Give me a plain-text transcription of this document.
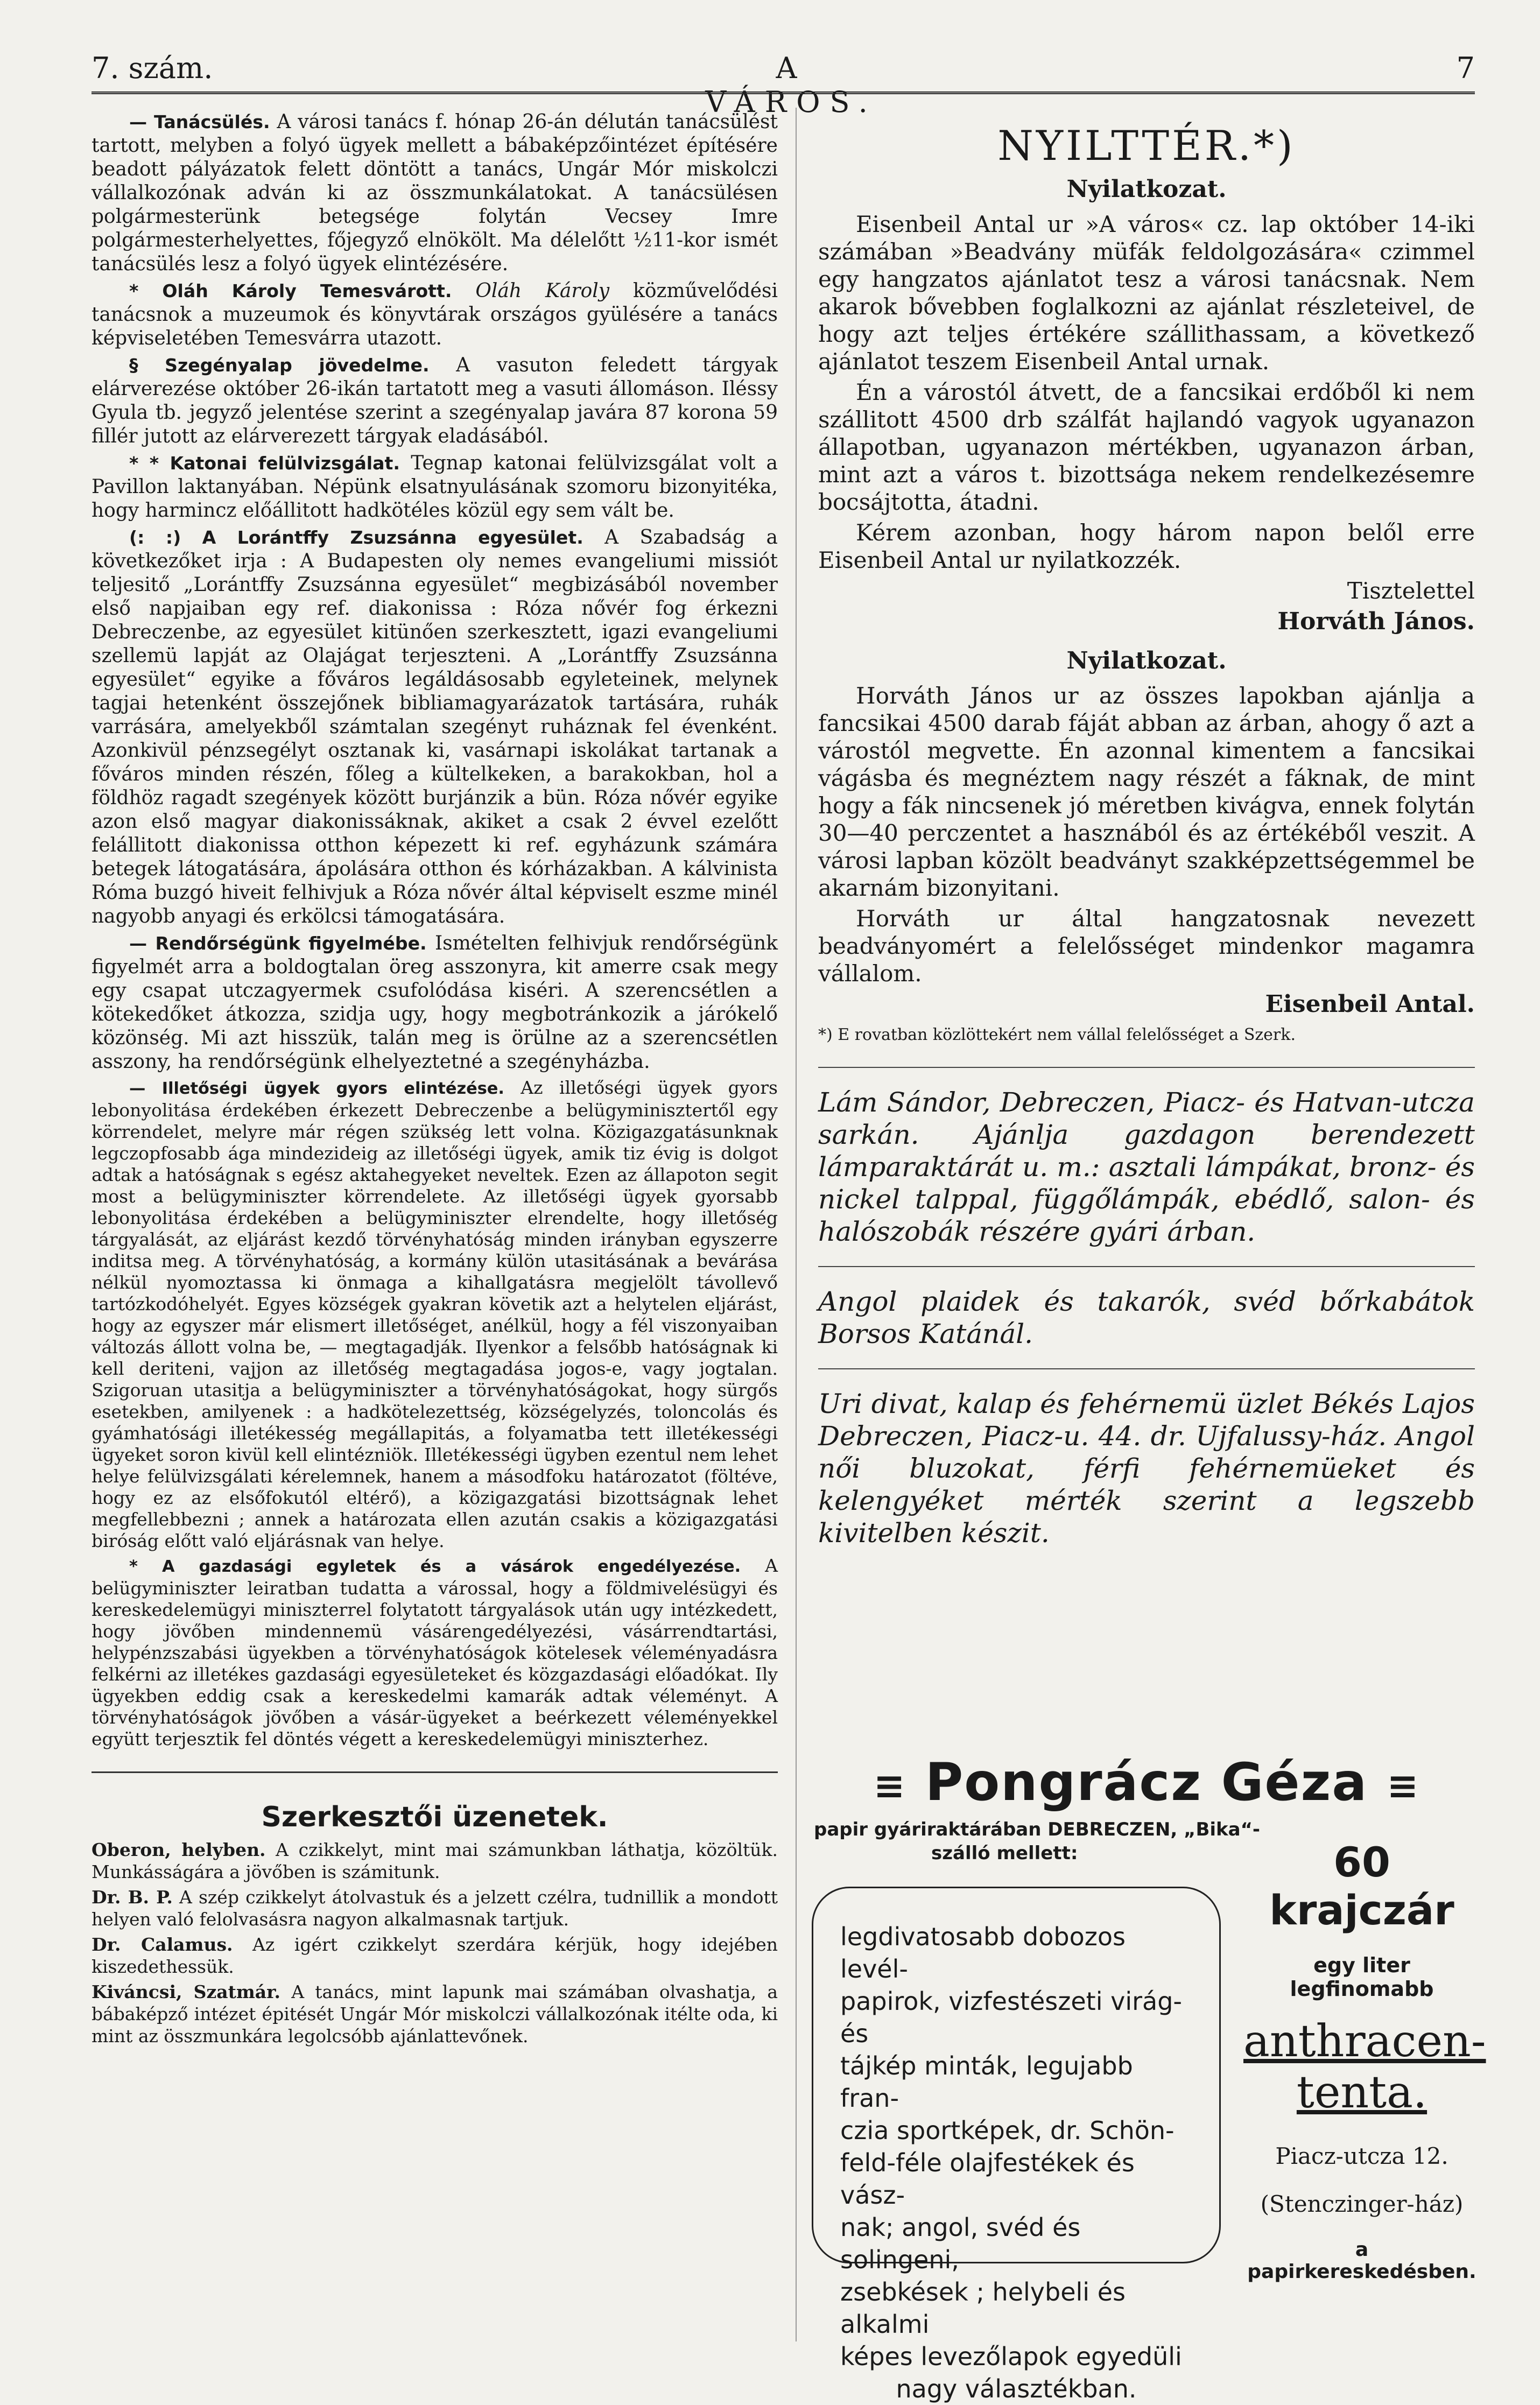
7. szám.	A VÁROS.
7

— Tanácsülés. A városi tanács f. hónap 26-án délután tanácsülést tartott, melyben a folyó ügyek mellett a bábaképzőintézet építésére beadott pályázatok felett döntött a tanács, Ungár Mór miskolczi vállalkozónak adván ki az összmunkálatokat. A tanácsülésen polgármesterünk betegsége folytán Vecsey Imre polgármesterhelyettes, főjegyző elnökölt. Ma délelőtt ½11-kor ismét tanácsülés lesz a folyó ügyek elintézésére.

* Oláh Károly Temesvárott. Oláh Károly közművelődési tanácsnok a muzeumok és könyvtárak országos gyülésére a tanács képviseletében Temesvárra utazott.

§ Szegényalap jövedelme. A vasuton feledett tárgyak elárverezése október 26-ikán tartatott meg a vasuti állomáson. Iléssy Gyula tb. jegyző jelentése szerint a szegényalap javára 87 korona 59 fillér jutott az elárverezett tárgyak eladásából.

* * Katonai felülvizsgálat. Tegnap katonai felülvizsgálat volt a Pavillon laktanyában. Népünk elsatnyulásának szomoru bizonyitéka, hogy harmincz előállitott hadkötéles közül egy sem vált be.

(: :) A Lorántffy Zsuzsánna egyesület. A Szabadság a következőket irja : A Budapesten oly nemes evangeliumi missiót teljesitő „Lorántffy Zsuzsánna egyesület“ megbizásából november első napjaiban egy ref. diakonissa : Róza nővér fog érkezni Debreczenbe, az egyesület kitünően szerkesztett, igazi evangeliumi szellemü lapját az Olajágat terjeszteni. A „Lorántffy Zsuzsánna egyesület“ egyike a főváros legáldásosabb egyleteinek, melynek tagjai hetenként összejőnek bibliamagyarázatok tartására, ruhák varrására, amelyekből számtalan szegényt ruháznak fel évenként. Azonkivül pénzsegélyt osztanak ki, vasárnapi iskolákat tartanak a főváros minden részén, főleg a kültelkeken, a barakokban, hol a földhöz ragadt szegények között burjánzik a bün. Róza nővér egyike azon első magyar diakonissáknak, akiket a csak 2 évvel ezelőtt felállitott diakonissa otthon képezett ki ref. egyházunk számára betegek látogatására, ápolására otthon és kórházakban. A kálvinista Róma buzgó hiveit felhivjuk a Róza nővér által képviselt eszme minél nagyobb anyagi és erkölcsi támogatására.

— Rendőrségünk figyelmébe. Ismételten felhivjuk rendőrségünk figyelmét arra a boldogtalan öreg asszonyra, kit amerre csak megy egy csapat utczagyermek csufolódása kiséri. A szerencsétlen a kötekedőket átkozza, szidja ugy, hogy megbotránkozik a járókelő közönség. Mi azt hisszük, talán meg is örülne az a szerencsétlen asszony, ha rendőrségünk elhelyeztetné a szegényházba.

— Illetőségi ügyek gyors elintézése. Az illetőségi ügyek gyors lebonyolitása érdekében érkezett Debreczenbe a belügyminisztertől egy körrendelet, melyre már régen szükség lett volna. Közigazgatásunknak legczopfosabb ága mindezideig az illetőségi ügyek, amik tiz évig is dolgot adtak a hatóságnak s egész aktahegyeket neveltek. Ezen az állapoton segit most a belügyminiszter körrendelete. Az illetőségi ügyek gyorsabb lebonyolitása érdekében a belügyminiszter elrendelte, hogy illetőség tárgyalását, az eljárást kezdő törvényhatóság minden irányban egyszerre inditsa meg. A törvényhatóság, a kormány külön utasitásának a bevárása nélkül nyomoztassa ki önmaga a kihallgatásra megjelölt távollevő tartózkodóhelyét. Egyes községek gyakran követik azt a helytelen eljárást, hogy az egyszer már elismert illetőséget, anélkül, hogy a fél viszonyaiban változás állott volna be, — megtagadják. Ilyenkor a felsőbb hatóságnak ki kell deriteni, vajjon az illetőség megtagadása jogos-e, vagy jogtalan. Szigoruan utasitja a belügyminiszter a törvényhatóságokat, hogy sürgős esetekben, amilyenek : a hadkötelezettség, községelyzés, toloncolás és gyámhatósági illetékesség megállapitás, a folyamatba tett illetékességi ügyeket soron kivül kell elintézniök. Illetékességi ügyben ezentul nem lehet helye felülvizsgálati kérelemnek, hanem a másodfoku határozatot (föltéve, hogy ez az elsőfokutól eltérő), a közigazgatási bizottságnak lehet megfellebbezni ; annek a határozata ellen azután csakis a közigazgatási biróság előtt való eljárásnak van helye.

* A gazdasági egyletek és a vásárok engedélyezése. A belügyminiszter leiratban tudatta a várossal, hogy a földmivelésügyi és kereskedelemügyi miniszterrel folytatott tárgyalások után ugy intézkedett, hogy jövőben mindennemü vásárengedélyezési, vásárrendtartási, helypénzszabási ügyekben a törvényhatóságok kötelesek véleményadásra felkérni az illetékes gazdasági egyesületeket és közgazdasági előadókat. Ily ügyekben eddig csak a kereskedelmi kamarák adtak véleményt. A törvényhatóságok jövőben a vásár-ügyeket a beérkezett véleményekkel együtt terjesztik fel döntés végett a kereskedelemügyi miniszterhez.

Szerkesztői üzenetek.

Oberon, helyben. A czikkelyt, mint mai számunkban láthatja, közöltük. Munkásságára a jövőben is számitunk.

Dr. B. P. A szép czikkelyt átolvastuk és a jelzett czélra, tudnillik a mondott helyen való felolvasásra nagyon alkalmasnak tartjuk.

Dr. Calamus. Az igért czikkelyt szerdára kérjük, hogy idejében kiszedethessük.

Kiváncsi, Szatmár. A tanács, mint lapunk mai számában olvashatja, a bábaképző intézet épitését Ungár Mór miskolczi vállalkozónak itélte oda, ki mint az összmunkára legolcsóbb ajánlattevőnek.

NYILTTÉR.*)
Nyilatkozat.

Eisenbeil Antal ur »A város« cz. lap október 14-iki számában »Beadvány müfák feldolgozására« czimmel egy hangzatos ajánlatot tesz a városi tanácsnak. Nem akarok bővebben foglalkozni az ajánlat részleteivel, de hogy azt teljes értékére szállithassam, a következő ajánlatot teszem Eisenbeil Antal urnak.

Én a várostól átvett, de a fancsikai erdőből ki nem szállitott 4500 drb szálfát hajlandó vagyok ugyanazon állapotban, ugyanazon mértékben, ugyanazon árban, mint azt a város t. bizottsága nekem rendelkezésemre bocsájtotta, átadni.

Kérem azonban, hogy három napon belől erre Eisenbeil Antal ur nyilatkozzék.

Tisztelettel

Horváth János.

Nyilatkozat.

Horváth János ur az összes lapokban ajánlja a fancsikai 4500 darab fáját abban az árban, ahogy ő azt a várostól megvette. Én azonnal kimentem a fancsikai vágásba és megnéztem nagy részét a fáknak, de mint hogy a fák nincsenek jó méretben kivágva, ennek folytán 30—40 perczentet a hasznából és az értékéből veszit. A városi lapban közölt beadványt szakképzettségemmel be akarnám bizonyitani.

Horváth ur által hangzatosnak nevezett beadványomért a felelősséget mindenkor magamra vállalom.

Eisenbeil Antal.

*) E rovatban közlöttekért nem vállal felelősséget a Szerk.

Lám Sándor, Debreczen, Piacz- és Hatvan-utcza sarkán. Ajánlja gazdagon berendezett lámparaktárát u. m.: asztali lámpákat, bronz- és nickel talppal, függőlámpák, ebédlő, salon- és halószobák részére gyári árban.

Angol plaidek és takarók, svéd bőrkabátok Borsos Katánál.

Uri divat, kalap és fehérnemü üzlet Békés Lajos Debreczen, Piacz-u. 44. dr. Ujfalussy-ház. Angol női bluzokat, férfi fehérnemüeket és kelengyéket mérték szerint a legszebb kivitelben készit.

≡ Pongrácz Géza ≡
papir gyáriraktárában DEBRECZEN, „Bika“-
szálló mellett:
legdivatosabb dobozos levél-
papirok, vizfestészeti virág- és
tájkép minták, legujabb fran-
czia sportképek, dr. Schön-
feld-féle olajfestékek és vász-
nak; angol, svéd és solingeni,
zsebkések ; helybeli és alkalmi
képes levezőlapok egyedüli
nagy választékban.
60 krajczár
egy liter legfinomabb
anthracen-tenta.
Piacz-utcza 12.
(Stenczinger-ház)
a papirkereskedésben.
